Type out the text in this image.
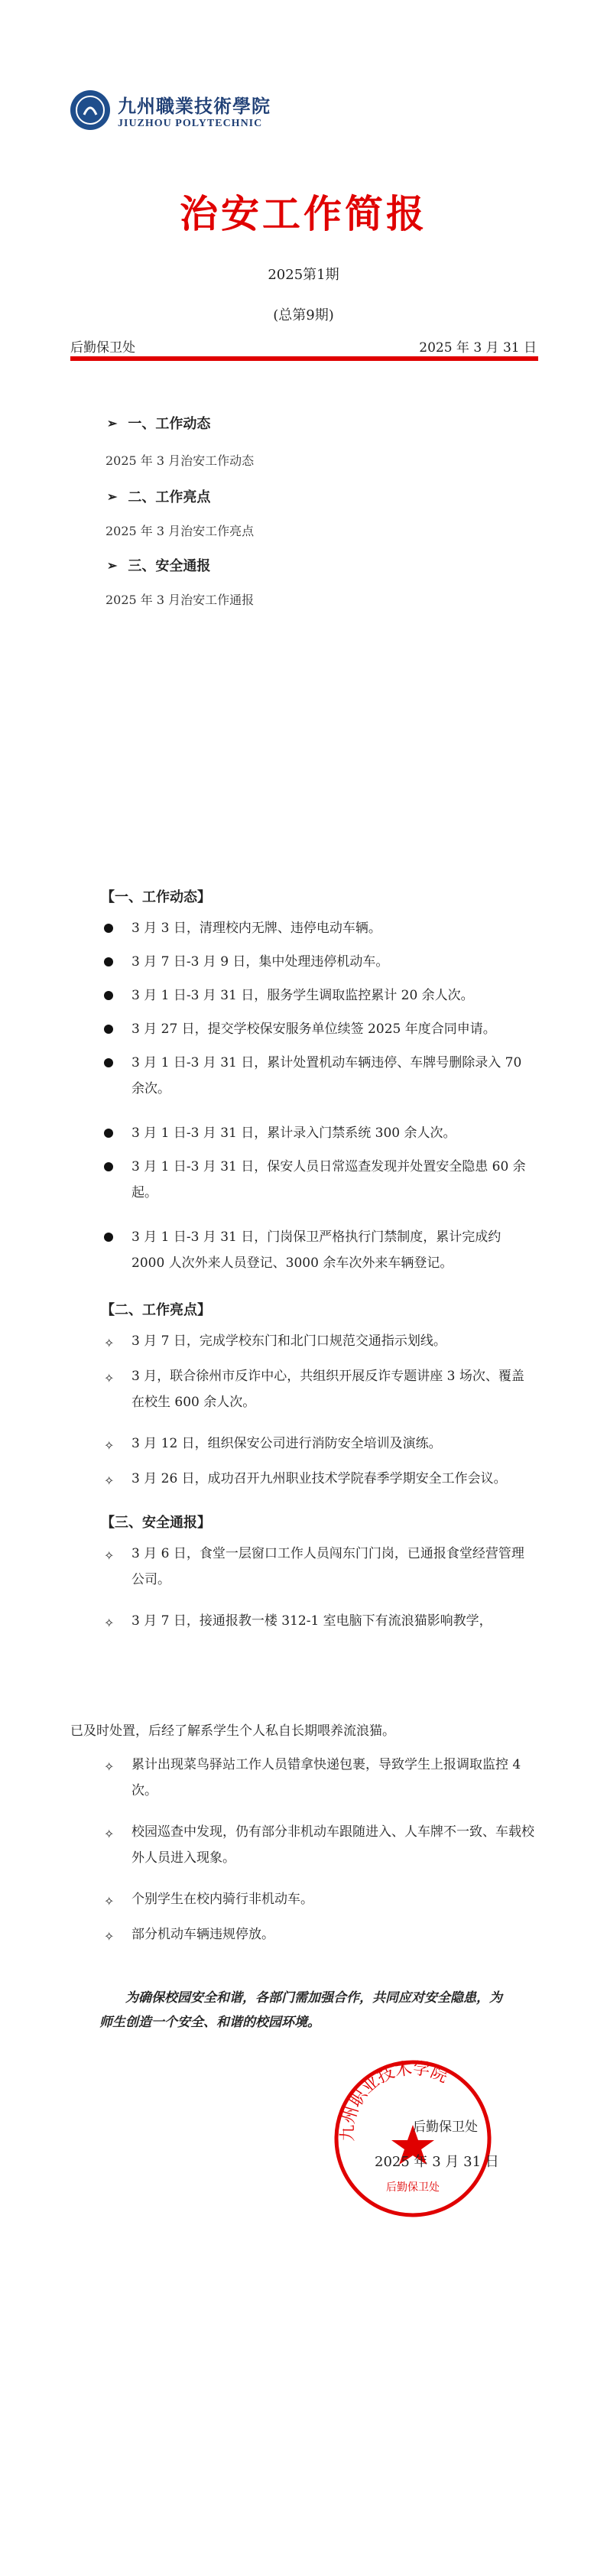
九州職業技術學院
JIUZHOU POLYTECHNIC
治安工作简报
2025第1期
(总第9期)
后勤保卫处	2025 年 3 月 31 日
➢ 一、工作动态
2025 年 3 月治安工作动态
➢ 二、工作亮点
2025 年 3 月治安工作亮点
➢ 三、安全通报
2025 年 3 月治安工作通报
【一、工作动态】
3 月 3 日，清理校内无牌、违停电动车辆。
3 月 7 日-3 月 9 日，集中处理违停机动车。
3 月 1 日-3 月 31 日，服务学生调取监控累计 20 余人次。
3 月 27 日，提交学校保安服务单位续签 2025 年度合同申请。
3 月 1 日-3 月 31 日，累计处置机动车辆违停、车牌号删除录入 70 余次。
3 月 1 日-3 月 31 日，累计录入门禁系统 300 余人次。
3 月 1 日-3 月 31 日，保安人员日常巡查发现并处置安全隐患 60 余起。
3 月 1 日-3 月 31 日，门岗保卫严格执行门禁制度，累计完成约 2000 人次外来人员登记、3000 余车次外来车辆登记。
【二、工作亮点】
✧ 3 月 7 日，完成学校东门和北门口规范交通指示划线。
✧ 3 月，联合徐州市反诈中心，共组织开展反诈专题讲座 3 场次、覆盖在校生 600 余人次。
✧ 3 月 12 日，组织保安公司进行消防安全培训及演练。
✧ 3 月 26 日，成功召开九州职业技术学院春季学期安全工作会议。
【三、安全通报】
✧ 3 月 6 日，食堂一层窗口工作人员闯东门门岗，已通报食堂经营管理公司。
✧ 3 月 7 日，接通报教一楼 312-1 室电脑下有流浪猫影响教学，
已及时处置，后经了解系学生个人私自长期喂养流浪猫。
✧ 累计出现菜鸟驿站工作人员错拿快递包裹，导致学生上报调取监控 4 次。
✧ 校园巡查中发现，仍有部分非机动车跟随进入、人车牌不一致、车载校外人员进入现象。
✧ 个别学生在校内骑行非机动车。
✧ 部分机动车辆违规停放。
为确保校园安全和谐，各部门需加强合作，共同应对安全隐患，为师生创造一个安全、和谐的校园环境。
九州职业技术学院
后勤保卫处
后勤保卫处
2025 年 3 月 31 日
